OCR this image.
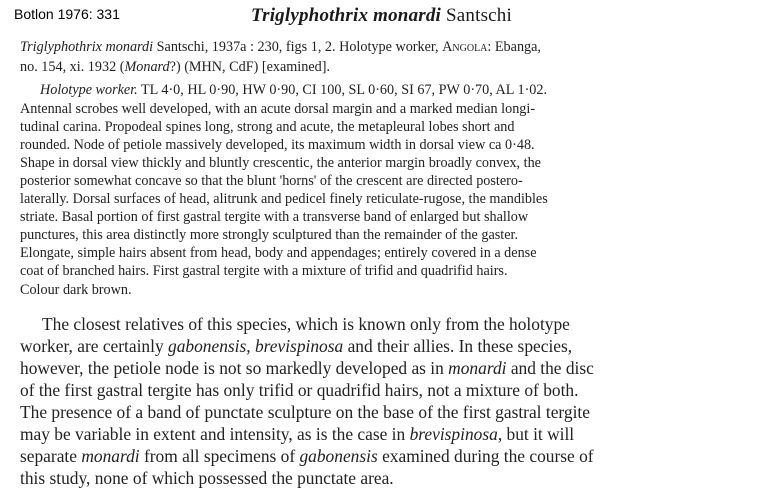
Botlon 1976: 331	Triglyphothrix monardi Santschi
Triglyphothrix monardi Santschi, 1937a : 230, figs 1, 2. Holotype worker, Angola: Ebanga,
no. 154, xi. 1932 (Monard?) (MHN, CdF) [examined].
Holotype worker. TL 4·0, HL 0·90, HW 0·90, CI 100, SL 0·60, SI 67, PW 0·70, AL 1·02.
Antennal scrobes well developed, with an acute dorsal margin and a marked median longi-
tudinal carina. Propodeal spines long, strong and acute, the metapleural lobes short and
rounded. Node of petiole massively developed, its maximum width in dorsal view ca 0·48.
Shape in dorsal view thickly and bluntly crescentic, the anterior margin broadly convex, the
posterior somewhat concave so that the blunt 'horns' of the crescent are directed postero-
laterally. Dorsal surfaces of head, alitrunk and pedicel finely reticulate-rugose, the mandibles
striate. Basal portion of first gastral tergite with a transverse band of enlarged but shallow
punctures, this area distinctly more strongly sculptured than the remainder of the gaster.
Elongate, simple hairs absent from head, body and appendages; entirely covered in a dense
coat of branched hairs. First gastral tergite with a mixture of trifid and quadrifid hairs.
Colour dark brown.
The closest relatives of this species, which is known only from the holotype
worker, are certainly gabonensis, brevispinosa and their allies. In these species,
however, the petiole node is not so markedly developed as in monardi and the disc
of the first gastral tergite has only trifid or quadrifid hairs, not a mixture of both.
The presence of a band of punctate sculpture on the base of the first gastral tergite
may be variable in extent and intensity, as is the case in brevispinosa, but it will
separate monardi from all specimens of gabonensis examined during the course of
this study, none of which possessed the punctate area.
